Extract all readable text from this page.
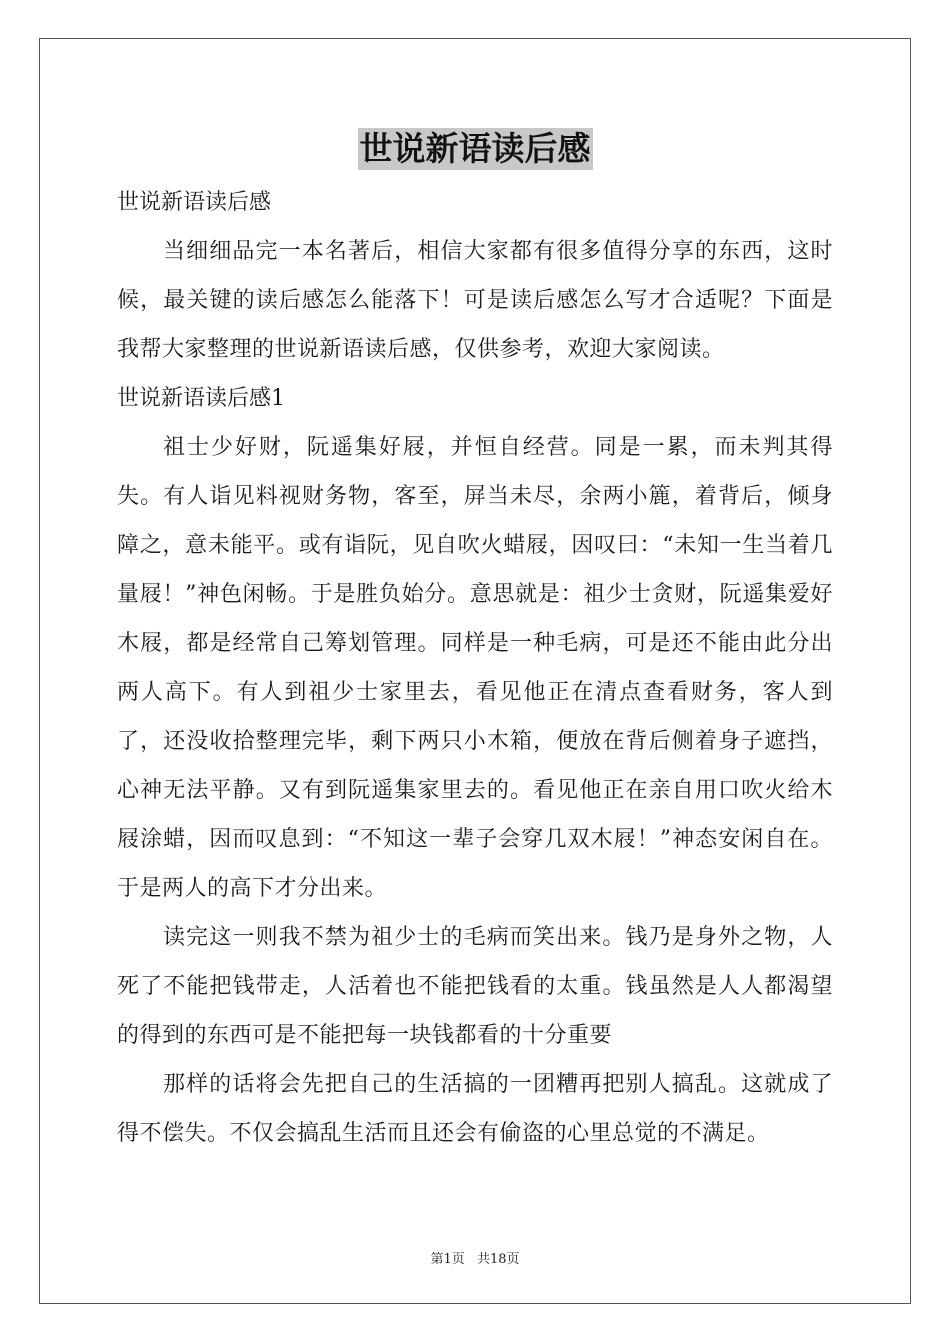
世说新语读后感
世说新语读后感

当细细品完一本名著后，相信大家都有很多值得分享的东西，这时候，最关键的读后感怎么能落下！可是读后感怎么写才合适呢？下面是我帮大家整理的世说新语读后感，仅供参考，欢迎大家阅读。

世说新语读后感1

祖士少好财，阮遥集好屐，并恒自经营。同是一累，而未判其得失。有人诣见料视财务物，客至，屏当未尽，余两小簏，着背后，倾身障之，意未能平。或有诣阮，见自吹火蜡屐，因叹曰：“未知一生当着几量屐！”神色闲畅。于是胜负始分。意思就是：祖少士贪财，阮遥集爱好木屐，都是经常自己筹划管理。同样是一种毛病，可是还不能由此分出两人高下。有人到祖少士家里去，看见他正在清点查看财务，客人到了，还没收拾整理完毕，剩下两只小木箱，便放在背后侧着身子遮挡，心神无法平静。又有到阮遥集家里去的。看见他正在亲自用口吹火给木屐涂蜡，因而叹息到：“不知这一辈子会穿几双木屐！”神态安闲自在。于是两人的高下才分出来。

读完这一则我不禁为祖少士的毛病而笑出来。钱乃是身外之物，人死了不能把钱带走，人活着也不能把钱看的太重。钱虽然是人人都渴望的得到的东西可是不能把每一块钱都看的十分重要

那样的话将会先把自己的生活搞的一团糟再把别人搞乱。这就成了得不偿失。不仅会搞乱生活而且还会有偷盗的心里总觉的不满足。

第1页 共18页
